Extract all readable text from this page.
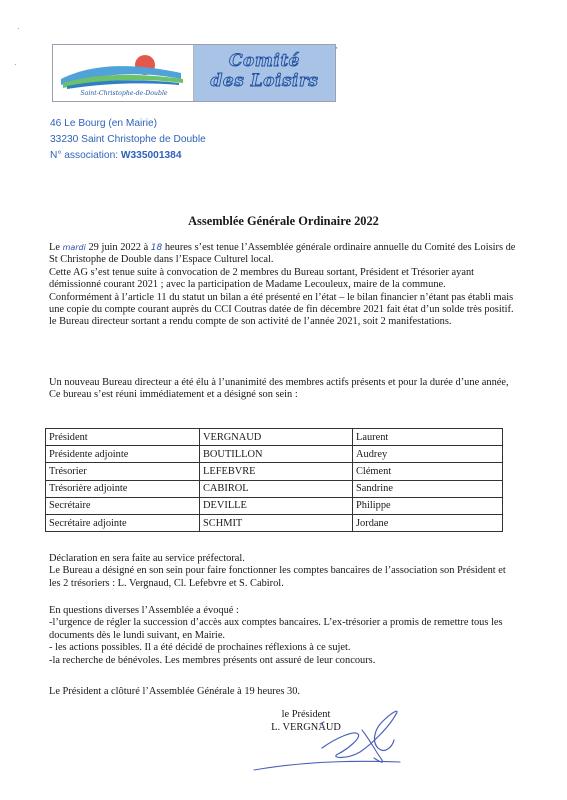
·
·
Saint-Christophe-de-Double
Comité
des Loisirs
'
46 Le Bourg (en Mairie)
33230 Saint Christophe de Double
N° association: W335001384
Assemblée Générale Ordinaire 2022

Le mardi 29 juin 2022 à 18 heures s’est tenue l’Assemblée générale ordinaire annuelle du Comité des Loisirs de St Christophe de Double dans l’Espace Culturel local.

Cette AG s’est tenue suite à convocation de 2 membres du Bureau sortant, Président et Trésorier ayant démissionné courant 2021 ; avec la participation de Madame Lecouleux, maire de la commune.

Conformément à l’article 11 du statut un bilan a été présenté en l’état – le bilan financier n’étant pas établi mais une copie du compte courant auprès du CCI Coutras datée de fin décembre 2021 fait état d’un solde très positif.

le Bureau directeur sortant a rendu compte de son activité de l’année 2021, soit 2 manifestations.

Un nouveau Bureau directeur a été élu à l’unanimité des membres actifs présents et pour la durée d’une année,

Ce bureau s’est réuni immédiatement et a désigné son sein :

Président	VERGNAUD	Laurent
Présidente adjointe	BOUTILLON	Audrey
Trésorier	LEFEBVRE	Clément
Trésorière adjointe	CABIROL	Sandrine
Secrétaire	DEVILLE	Philippe
Secrétaire adjointe	SCHMIT	Jordane

Déclaration en sera faite au service préfectoral.

Le Bureau a désigné en son sein pour faire fonctionner les comptes bancaires de l’association son Président et les 2 trésoriers : L. Vergnaud, Cl. Lefebvre et S. Cabirol.

En questions diverses l’Assemblée a évoqué :

-l’urgence de régler la succession d’accès aux comptes bancaires. L’ex-trésorier a promis de remettre tous les documents dès le lundi suivant, en Mairie.

- les actions possibles. Il a été décidé de prochaines réflexions à ce sujet.

-la recherche de bénévoles. Les membres présents ont assuré de leur concours.

Le Président a clôturé l’Assemblée Générale à 19 heures 30.

le Président
L. VERGNAUD
